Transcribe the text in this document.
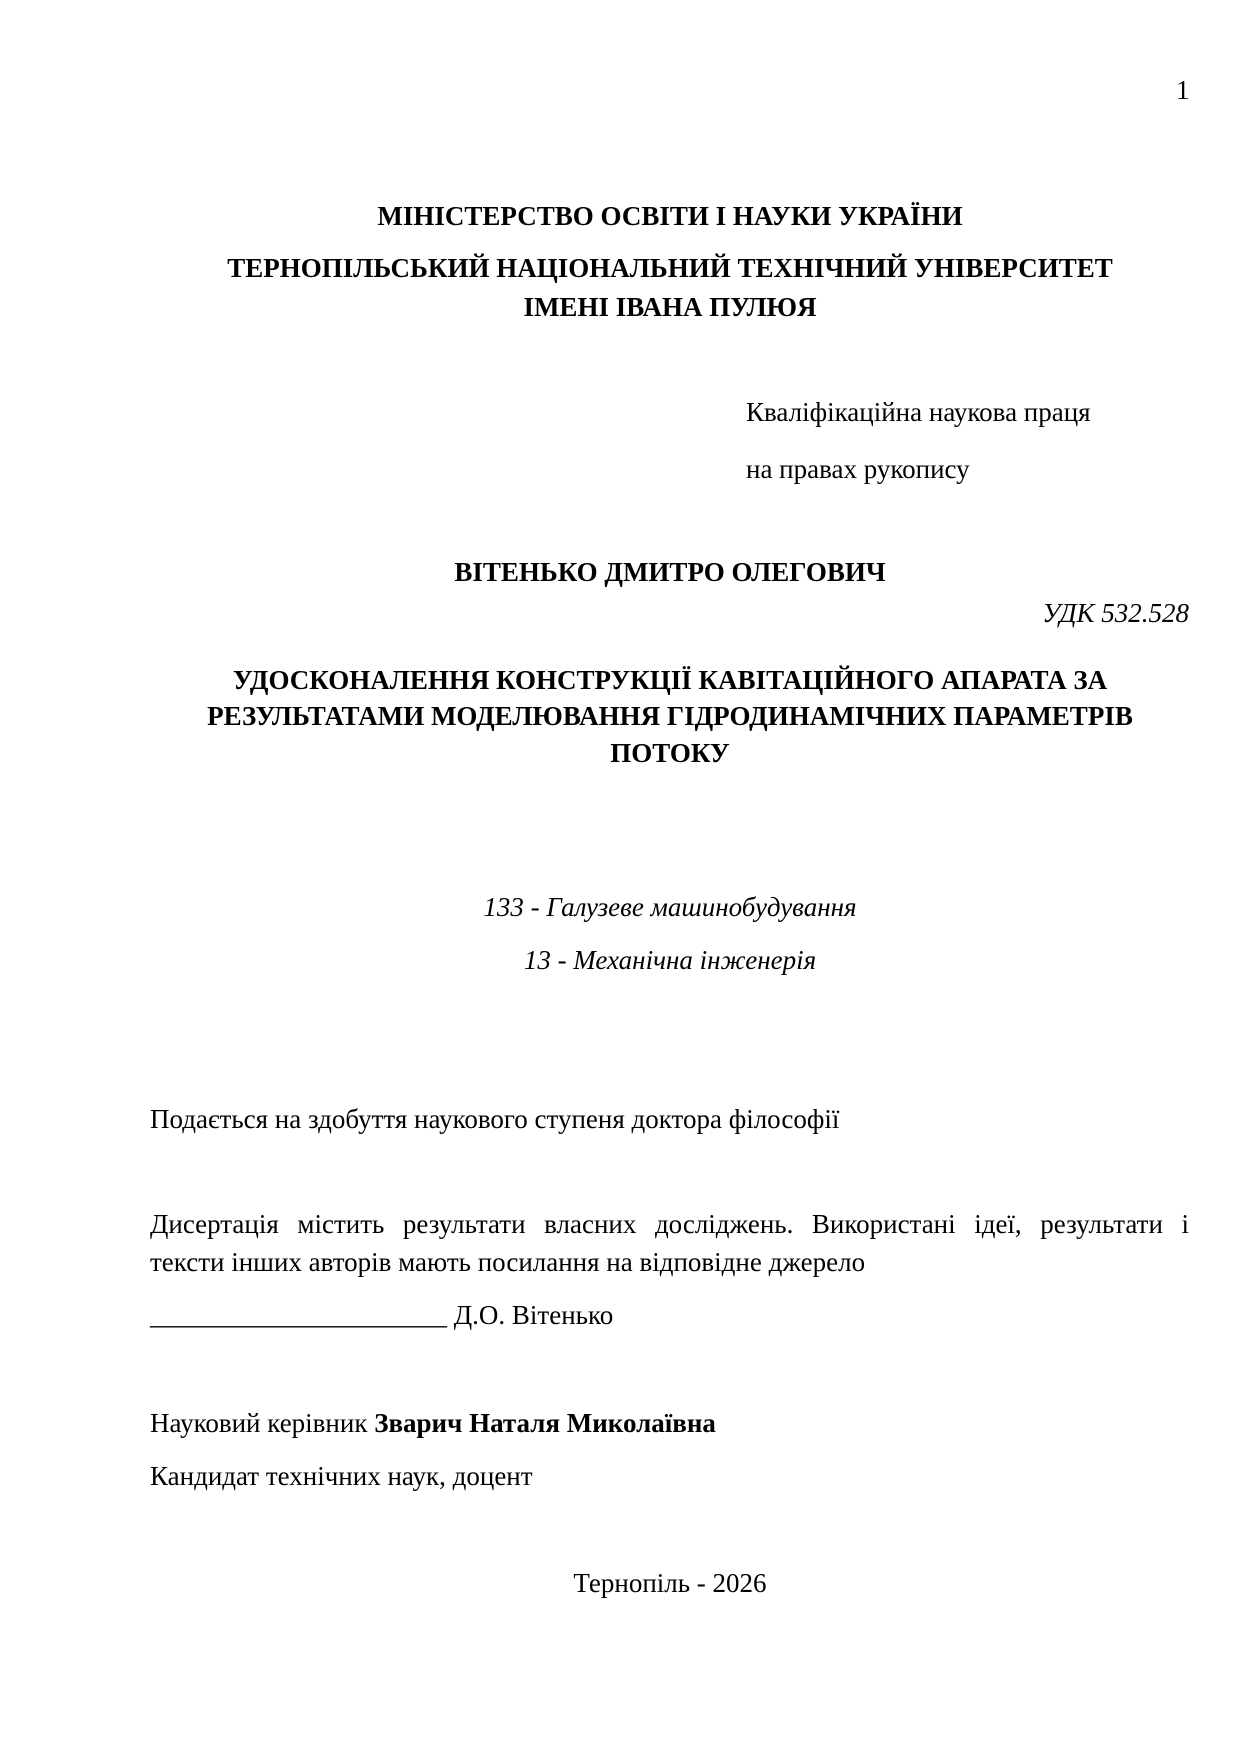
1
МІНІСТЕРСТВО ОСВІТИ І НАУКИ УКРАЇНИ
ТЕРНОПІЛЬСЬКИЙ НАЦІОНАЛЬНИЙ ТЕХНІЧНИЙ УНІВЕРСИТЕТ
ІМЕНІ ІВАНА ПУЛЮЯ
Кваліфікаційна наукова праця
на правах рукопису
ВІТЕНЬКО ДМИТРО ОЛЕГОВИЧ
УДК 532.528
УДОСКОНАЛЕННЯ КОНСТРУКЦІЇ КАВІТАЦІЙНОГО АПАРАТА ЗА
РЕЗУЛЬТАТАМИ МОДЕЛЮВАННЯ ГІДРОДИНАМІЧНИХ ПАРАМЕТРІВ
ПОТОКУ
133 - Галузеве машинобудування
13 - Механічна інженерія
Подається на здобуття наукового ступеня доктора філософії
Дисертація містить результати власних досліджень. Використані ідеї, результати і
тексти інших авторів мають посилання на відповідне джерело
______________________ Д.О. Вітенько
Науковий керівник Зварич Наталя Миколаївна
Кандидат технічних наук, доцент
Тернопіль - 2026
